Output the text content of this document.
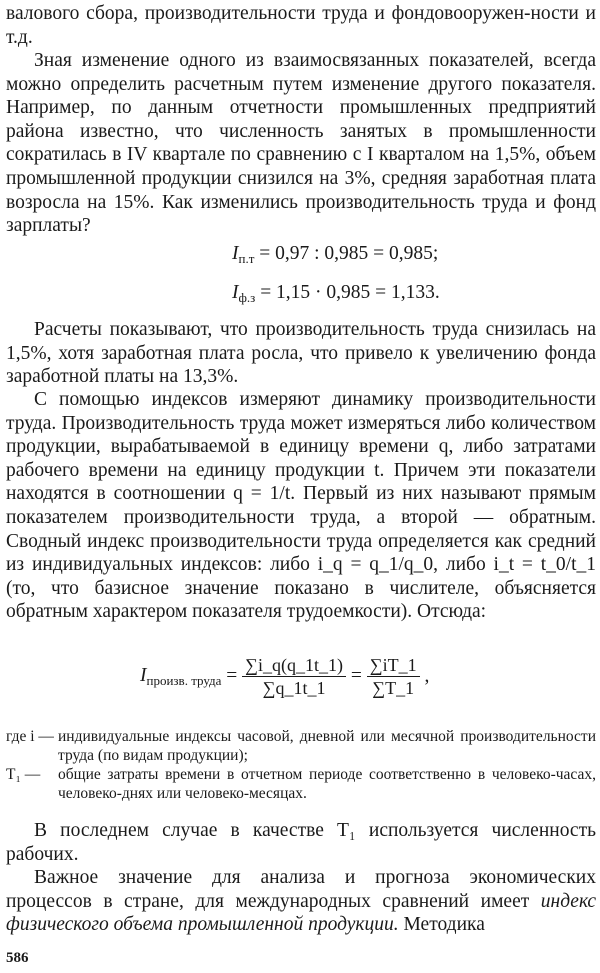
валового сбора, производительности труда и фондовооружен-ности и т.д.

Зная изменение одного из взаимосвязанных показателей, всегда можно определить расчетным путем изменение другого показателя. Например, по данным отчетности промышленных предприятий района известно, что численность занятых в промышленности сократилась в IV квартале по сравнению с I кварталом на 1,5%, объем промышленной продукции снизился на 3%, средняя заработная плата возросла на 15%. Как изменились производительность труда и фонд зарплаты?

$I_{п.т} = 0,97$ : 0,985 = 0,985;
$I_{ф.з} = 1,15 \cdot 0,985 = 1,133$.

Расчеты показывают, что производительность труда снизилась на 1,5%, хотя заработная плата росла, что привело к увеличению фонда заработной платы на 13,3%.

С помощью индексов измеряют динамику производительности труда. Производительность труда может измеряться либо количеством продукции, вырабатываемой в единицу времени q, либо затратами рабочего времени на единицу продукции t. Причем эти показатели находятся в соотношении q = 1/t. Первый из них называют прямым показателем производительности труда, а второй — обратным. Сводный индекс производительности труда определяется как средний из индивидуальных индексов: либо i_q = q_1/q_0, либо i_t = t_0/t_1 (то, что базисное значение показано в числителе, объясняется обратным характером показателя трудоемкости). Отсюда:

$I_{произв. труда} = \frac{\sum i\_q(q\_1t\_1)}{\sum q\_1t\_1} = \frac{\sum iT\_1}{\sum T\_1}$ ,
где i — индивидуальные индексы часовой, дневной или месячной производительности труда (по видам продукции);
T₁ —	общие затраты времени в отчетном периоде соответственно в человеко-часах, человеко-днях или человеко-месяцах.

В последнем случае в качестве T₁ используется численность рабочих.

Важное значение для анализа и прогноза экономических процессов в стране, для международных сравнений имеет индекс физического объема промышленной продукции. Методика

586
